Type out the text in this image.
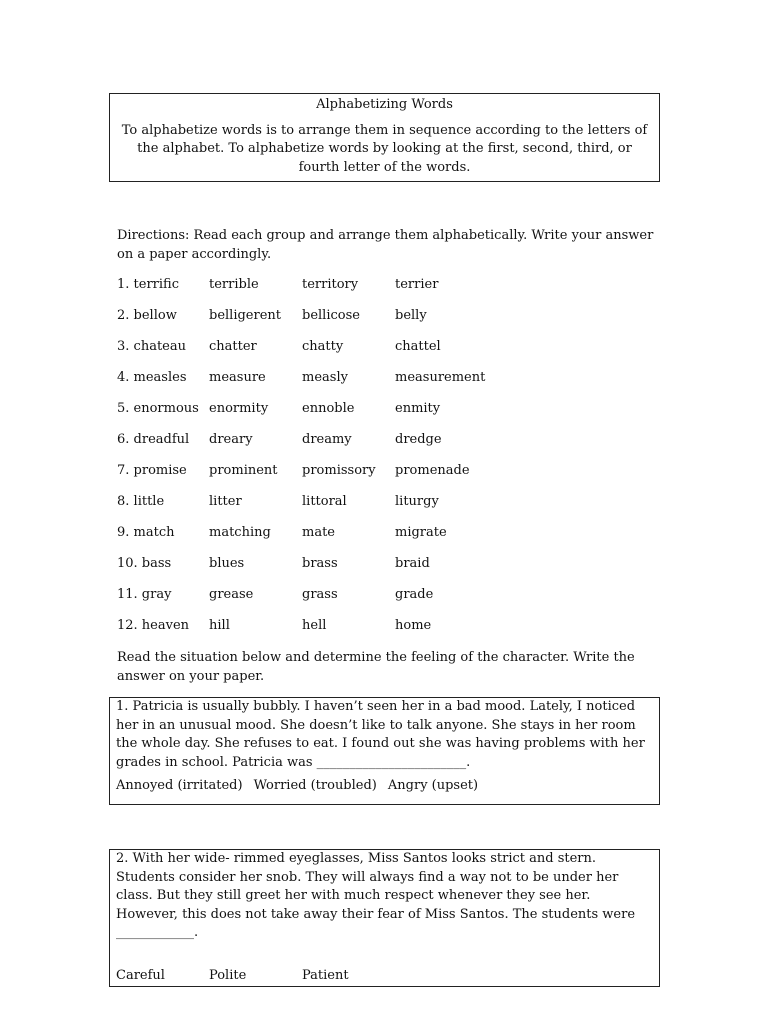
Alphabetizing Words
To alphabetize words is to arrange them in sequence according to the letters of the alphabet. To alphabetize words by looking at the first, second, third, or fourth letter of the words.
Directions: Read each group and arrange them alphabetically. Write your answer on a paper accordingly.
1. terrific	terrible	territory	terrier
2. bellow	belligerent	bellicose	belly
3. chateau	chatter	chatty	chattel
4. measles	measure	measly	measurement
5. enormous	enormity	ennoble	enmity
6. dreadful	dreary	dreamy	dredge
7. promise	prominent	promissory	promenade
8. little	litter	littoral	liturgy
9. match	matching	mate	migrate
10. bass	blues	brass	braid
11. gray	grease	grass	grade
12. heaven	hill	hell	home
Read the situation below and determine the feeling of the character. Write the answer on your paper.
1. Patricia is usually bubbly. I haven’t seen her in a bad mood. Lately, I noticed her in an unusual mood. She doesn’t like to talk anyone. She stays in her room the whole day. She refuses to eat. I found out she was having problems with her grades in school. Patricia was _______________________.
Annoyed (irritated) Worried (troubled) Angry (upset)
2. With her wide- rimmed eyeglasses, Miss Santos looks strict and stern. Students consider her snob. They will always find a way not to be under her class. But they still greet her with much respect whenever they see her. However, this does not take away their fear of Miss Santos. The students were ____________.
Careful	Polite	Patient
